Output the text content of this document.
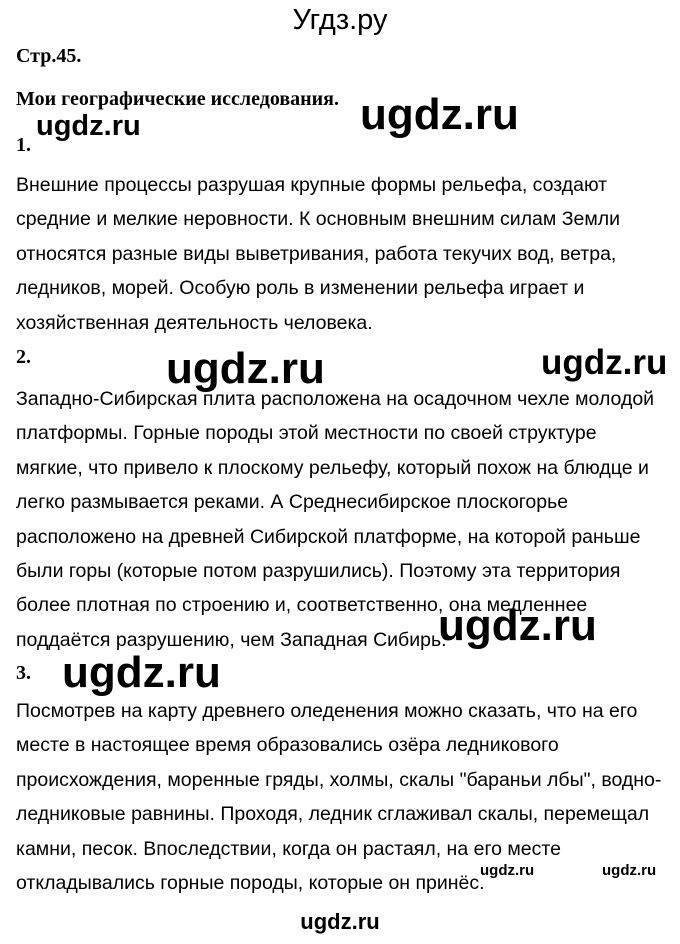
Угдз.ру
Стр.45.
Мои географические исследования.
1.

Внешние процессы разрушая крупные формы рельефа, создают
средние и мелкие неровности. К основным внешним силам Земли
относятся разные виды выветривания, работа текучих вод, ветра,
ледников, морей. Особую роль в изменении рельефа играет и
хозяйственная деятельность человека.

2.

Западно-Сибирская плита расположена на осадочном чехле молодой
платформы. Горные породы этой местности по своей структуре
мягкие, что привело к плоскому рельефу, который похож на блюдце и
легко размывается реками. А Среднесибирское плоскогорье
расположено на древней Сибирской платформе, на которой раньше
были горы (которые потом разрушились). Поэтому эта территория
более плотная по строению и, соответственно, она медленнее
поддаётся разрушению, чем Западная Сибирь.

3.

Посмотрев на карту древнего оледенения можно сказать, что на его
месте в настоящее время образовались озёра ледникового
происхождения, моренные гряды, холмы, скалы "бараньи лбы", водно-
ледниковые равнины. Проходя, ледник сглаживал скалы, перемещал
камни, песок. Впоследствии, когда он растаял, на его месте
откладывались горные породы, которые он принёс.

ugdz.ru
ugdz.ru
ugdz.ru	ugdz.ru
ugdz.ru
ugdz.ru
ugdz.ru	ugdz.ru
ugdz.ru
